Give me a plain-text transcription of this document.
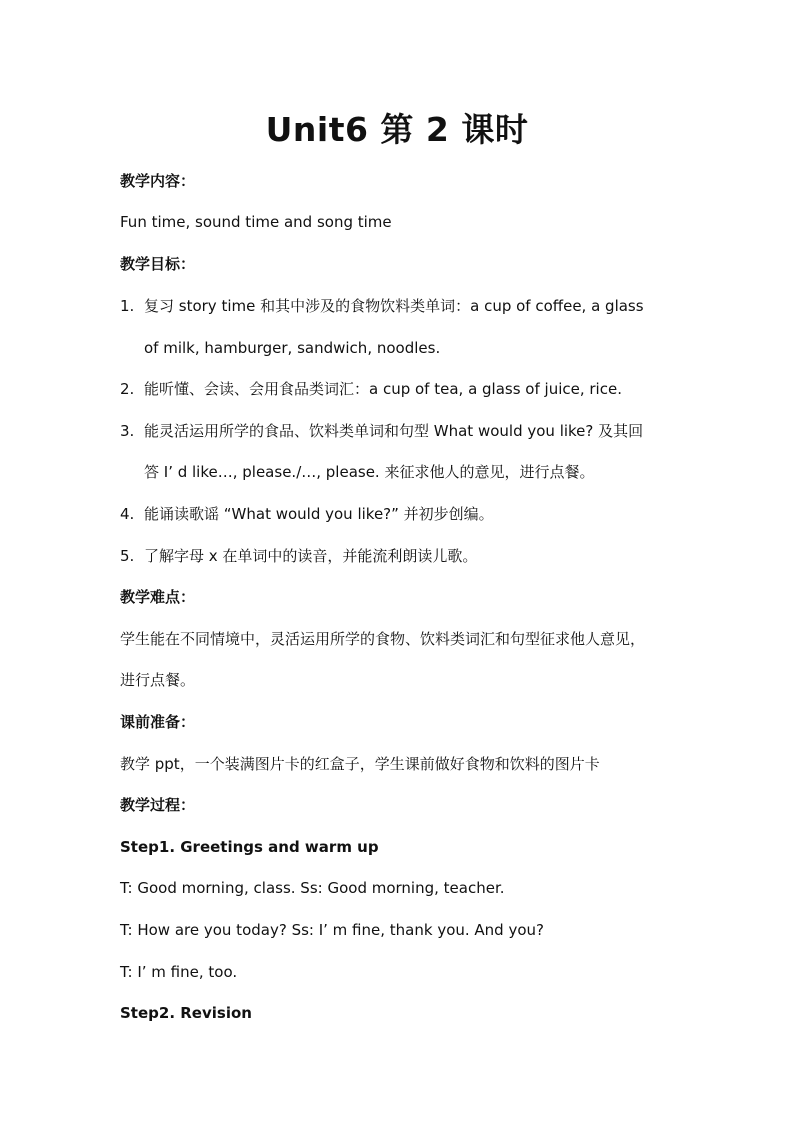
Unit6 第 2 课时
教学内容：
Fun time, sound time and song time
教学目标：
1. 复习 story time 和其中涉及的食物饮料类单词：a cup of coffee, a glass
of milk, hamburger, sandwich, noodles.
2. 能听懂、会读、会用食品类词汇：a cup of tea, a glass of juice, rice.
3. 能灵活运用所学的食品、饮料类单词和句型 What would you like? 及其回
答 I’ d like…, please./…, please. 来征求他人的意见，进行点餐。
4. 能诵读歌谣 “What would you like?” 并初步创编。
5. 了解字母 x 在单词中的读音，并能流利朗读儿歌。
教学难点：
学生能在不同情境中，灵活运用所学的食物、饮料类词汇和句型征求他人意见，
进行点餐。
课前准备：
教学 ppt，一个装满图片卡的红盒子，学生课前做好食物和饮料的图片卡
教学过程：
Step1. Greetings and warm up
T: Good morning, class. Ss: Good morning, teacher.
T: How are you today? Ss: I’ m fine, thank you. And you?
T: I’ m fine, too.
Step2. Revision
